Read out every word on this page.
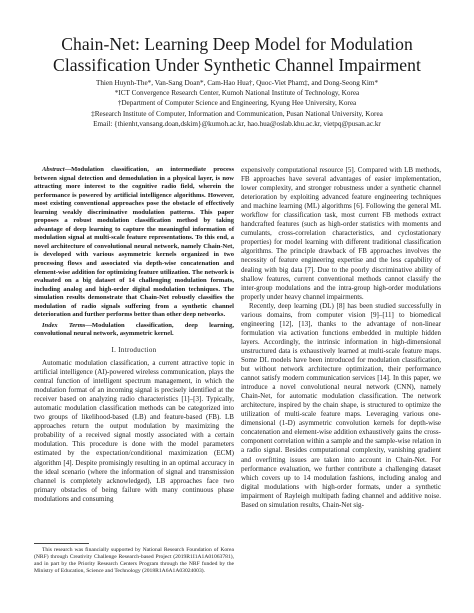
Chain-Net: Learning Deep Model for Modulation Classification Under Synthetic Channel Impairment
Thien Huynh-The*, Van-Sang Doan*, Cam-Hao Hua†, Quoc-Viet Pham‡, and Dong-Seong Kim*
*ICT Convergence Research Center, Kumoh National Institute of Technology, Korea
†Department of Computer Science and Engineering, Kyung Hee University, Korea
‡Research Institute of Computer, Information and Communication, Pusan National University, Korea
Email: {thienht,vansang.doan,dskim}@kumoh.ac.kr, hao.hua@oslab.khu.ac.kr, vietpq@pusan.ac.kr
Abstract—Modulation classification, an intermediate process between signal detection and demodulation in a physical layer, is now attracting more interest to the cognitive radio field, wherein the performance is powered by artificial intelligence algorithms. However, most existing conventional approaches pose the obstacle of effectively learning weakly discriminative modulation patterns. This paper proposes a robust modulation classification method by taking advantage of deep learning to capture the meaningful information of modulation signal at multi-scale feature representations. To this end, a novel architecture of convolutional neural network, namely Chain-Net, is developed with various asymmetric kernels organized in two processing flows and associated via depth-wise concatenation and element-wise addition for optimizing feature utilization. The network is evaluated on a big dataset of 14 challenging modulation formats, including analog and high-order digital modulation techniques. The simulation results demonstrate that Chain-Net robustly classifies the modulation of radio signals suffering from a synthetic channel deterioration and further performs better than other deep networks.
Index Terms—Modulation classification, deep learning, convolutional neural network, asymmetric kernel.
I. Introduction

Automatic modulation classification, a current attractive topic in artificial intelligence (AI)-powered wireless communication, plays the central function of intelligent spectrum management, in which the modulation format of an incoming signal is precisely identified at the receiver based on analyzing radio characteristics [1]–[3]. Typically, automatic modulation classification methods can be categorized into two groups of likelihood-based (LB) and feature-based (FB). LB approaches return the output modulation by maximizing the probability of a received signal mostly associated with a certain modulation. This procedure is done with the model parameters estimated by the expectation/conditional maximization (ECM) algorithm [4]. Despite promisingly resulting in an optimal accuracy in the ideal scenario (where the information of signal and transmission channel is completely acknowledged), LB approaches face two primary obstacles of being failure with many continuous phase modulations and consuming

This research was financially supported by National Research Foundation of Korea (NRF) through Creativity Challenge Research-based Project (2019R1I1A1A01063781), and in part by the Priority Research Centers Program through the NRF funded by the Ministry of Education, Science and Technology (2018R1A6A1A03024003).

expensively computational resource [5]. Compared with LB methods, FB approaches have several advantages of easier implementation, lower complexity, and stronger robustness under a synthetic channel deterioration by exploiting advanced feature engineering techniques and machine learning (ML) algorithms [6]. Following the general ML workflow for classification task, most current FB methods extract handcrafted features (such as high-order statistics with moments and cumulants, cross-correlation characteristics, and cyclostationary properties) for model learning with different traditional classification algorithms. The principle drawback of FB approaches involves the necessity of feature engineering expertise and the less capability of dealing with big data [7]. Due to the poorly discriminative ability of shallow features, current conventional methods cannot classify the inter-group modulations and the intra-group high-order modulations properly under heavy channel impairments.

Recently, deep learning (DL) [8] has been studied successfully in various domains, from computer vision [9]–[11] to biomedical engineering [12], [13], thanks to the advantage of non-linear formulation via activation functions embedded in multiple hidden layers. Accordingly, the intrinsic information in high-dimensional unstructured data is exhaustively learned at multi-scale feature maps. Some DL models have been introduced for modulation classification, but without network architecture optimization, their performance cannot satisfy modern communication services [14]. In this paper, we introduce a novel convolutional neural network (CNN), namely Chain-Net, for automatic modulation classification. The network architecture, inspired by the chain shape, is structured to optimize the utilization of multi-scale feature maps. Leveraging various one-dimensional (1-D) asymmetric convolution kernels for depth-wise concatenation and element-wise addition exhaustively gains the cross-component correlation within a sample and the sample-wise relation in a radio signal. Besides computational complexity, vanishing gradient and overfitting issues are taken into account in Chain-Net. For performance evaluation, we further contribute a challenging dataset which covers up to 14 modulation fashions, including analog and digital modulations with high-order formats, under a synthetic impairment of Rayleigh multipath fading channel and additive noise. Based on simulation results, Chain-Net sig-
